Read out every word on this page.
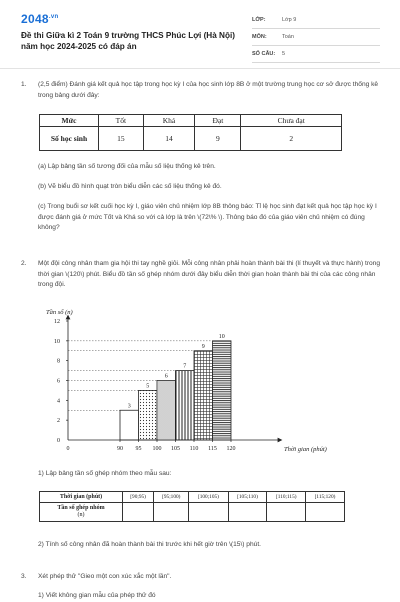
$2048^{.vn}$
Đề thi Giữa kì 2 Toán 9 trường THCS Phúc Lợi (Hà Nội) năm học 2024-2025 có đáp án
LỚP:	Lớp 9
MÔN:	Toán
SỐ CÂU:	5
1. (2,5 điểm) Đánh giá kết quả học tập trong học kỳ I của học sinh lớp 8B ở một trường trung học cơ sở được thống kê trong bảng dưới đây:

Mức	Tốt	Khá	Đạt	Chưa đạt
Số học sinh	15	14	9	2

(a) Lập bảng tần số tương đối của mẫu số liệu thống kê trên.

(b) Vẽ biểu đồ hình quạt tròn biểu diễn các số liệu thống kê đó.

(c) Trong buổi sơ kết cuối học kỳ I, giáo viên chủ nhiệm lớp 8B thông báo: Tỉ lệ học sinh đạt kết quả học tập học kỳ I được đánh giá ở mức Tốt và Khá so với cả lớp là trên \(72\% \). Thông báo đó của giáo viên chủ nhiệm có đúng không?

2. Một đội công nhân tham gia hội thi tay nghề giỏi. Mỗi công nhân phải hoàn thành bài thi (lí thuyết và thực hành) trong thời gian \(120\) phút. Biểu đồ tần số ghép nhóm dưới đây biểu diễn thời gian hoàn thành bài thi của các công nhân trong đội.

Tần số (n)
Thời gian (phút)
3
5
6
7
9
10
0
2
4
6
8
10
12
0	90 95 100 105 110 115 120

1) Lập bảng tần số ghép nhóm theo mẫu sau:

Thời gian (phút)	[90;95)	[95;100)	[100;105)	[105;110)	[110;115)	[115;120)
Tần số ghép nhóm
(n)						

2) Tính số công nhân đã hoàn thành bài thi trước khi hết giờ trên \(15\) phút.

3. Xét phép thử "Gieo một con xúc xắc một lần".

1) Viết không gian mẫu của phép thử đó
